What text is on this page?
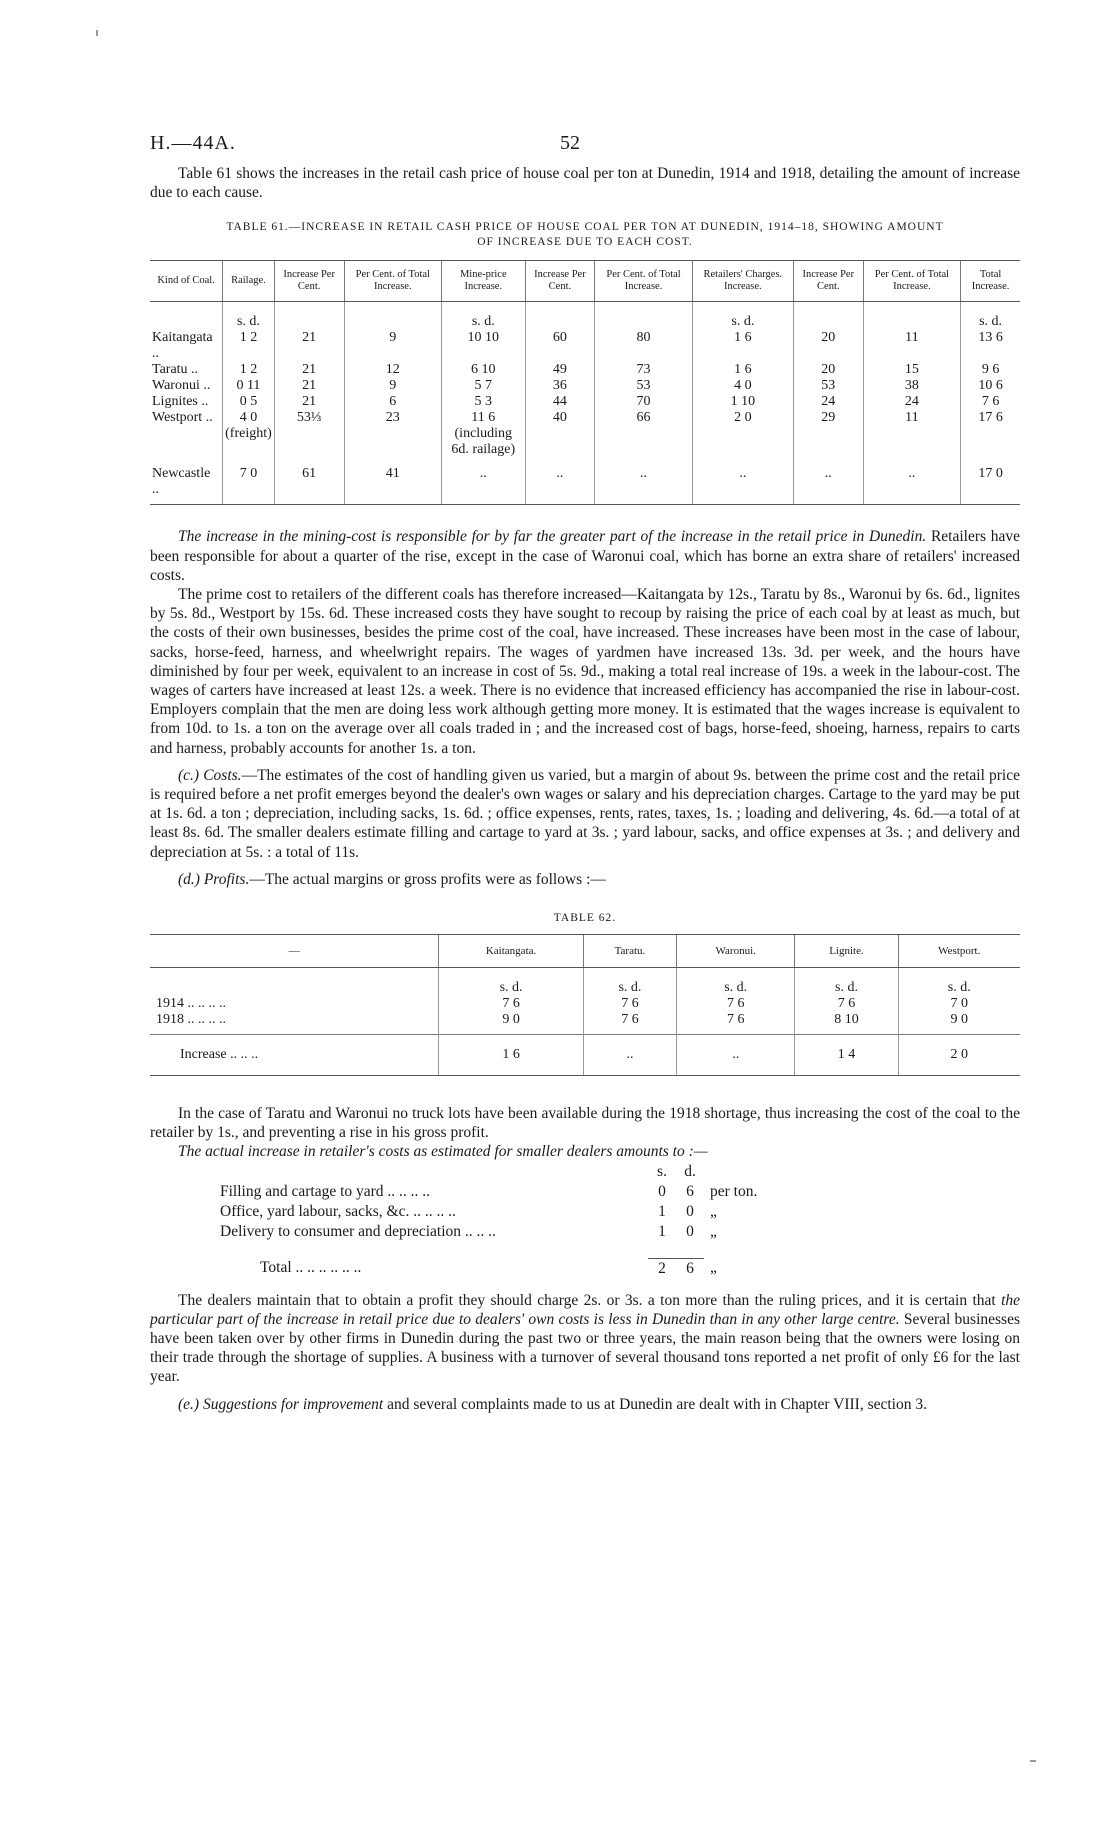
H.—44A.	52

Table 61 shows the increases in the retail cash price of house coal per ton at Dunedin, 1914 and 1918, detailing the amount of increase due to each cause.

TABLE 61.—INCREASE IN RETAIL CASH PRICE OF HOUSE COAL PER TON AT DUNEDIN, 1914–18, SHOWING AMOUNT
OF INCREASE DUE TO EACH COST.
Kind of Coal.	Railage.	Increase Per Cent.	Per Cent. of Total Increase.	Mine-price Increase.	Increase Per Cent.	Per Cent. of Total Increase.	Retailers' Charges. Increase.	Increase Per Cent.	Per Cent. of Total Increase.	Total Increase.
	s. d.			s. d.			s. d.			s. d.
Kaitangata ..	1 2	21	9	10 10	60	80	1 6	20	11	13 6
Taratu ..	1 2	21	12	6 10	49	73	1 6	20	15	9 6
Waronui ..	0 11	21	9	5 7	36	53	4 0	53	38	10 6
Lignites ..	0 5	21	6	5 3	44	70	1 10	24	24	7 6
Westport ..	4 0	53⅓	23	11 6	40	66	2 0	29	11	17 6
	(freight)			(including						
				6d. railage)						
Newcastle ..	7 0	61	41	..	..	..	..	..	..	17 0

The increase in the mining-cost is responsible for by far the greater part of the increase in the retail price in Dunedin. Retailers have been responsible for about a quarter of the rise, except in the case of Waronui coal, which has borne an extra share of retailers' increased costs.

The prime cost to retailers of the different coals has therefore increased—Kaitangata by 12s., Taratu by 8s., Waronui by 6s. 6d., lignites by 5s. 8d., Westport by 15s. 6d. These increased costs they have sought to recoup by raising the price of each coal by at least as much, but the costs of their own businesses, besides the prime cost of the coal, have increased. These increases have been most in the case of labour, sacks, horse-feed, harness, and wheelwright repairs. The wages of yardmen have increased 13s. 3d. per week, and the hours have diminished by four per week, equivalent to an increase in cost of 5s. 9d., making a total real increase of 19s. a week in the labour-cost. The wages of carters have increased at least 12s. a week. There is no evidence that increased efficiency has accompanied the rise in labour-cost. Employers complain that the men are doing less work although getting more money. It is estimated that the wages increase is equivalent to from 10d. to 1s. a ton on the average over all coals traded in ; and the increased cost of bags, horse-feed, shoeing, harness, repairs to carts and harness, probably accounts for another 1s. a ton.

(c.) Costs.—The estimates of the cost of handling given us varied, but a margin of about 9s. between the prime cost and the retail price is required before a net profit emerges beyond the dealer's own wages or salary and his depreciation charges. Cartage to the yard may be put at 1s. 6d. a ton ; depreciation, including sacks, 1s. 6d. ; office expenses, rents, rates, taxes, 1s. ; loading and delivering, 4s. 6d.—a total of at least 8s. 6d. The smaller dealers estimate filling and cartage to yard at 3s. ; yard labour, sacks, and office expenses at 3s. ; and delivery and depreciation at 5s. : a total of 11s.

(d.) Profits.—The actual margins or gross profits were as follows :—

TABLE 62.
—	Kaitangata.	Taratu.	Waronui.	Lignite.	Westport.
	s. d.	s. d.	s. d.	s. d.	s. d.
1914 .. .. .. ..	7 6	7 6	7 6	7 6	7 0
1918 .. .. .. ..	9 0	7 6	7 6	8 10	9 0
Increase .. .. ..	1 6	..	..	1 4	2 0

In the case of Taratu and Waronui no truck lots have been available during the 1918 shortage, thus increasing the cost of the coal to the retailer by 1s., and preventing a rise in his gross profit.

The actual increase in retailer's costs as estimated for smaller dealers amounts to :—

s.	d.
Filling and cartage to yard .. .. .. ..	0	6	per ton.
Office, yard labour, sacks, &c. .. .. .. ..	1	0	„
Delivery to consumer and depreciation .. .. ..	1	0	„
Total .. .. .. .. .. ..	2	6	„

The dealers maintain that to obtain a profit they should charge 2s. or 3s. a ton more than the ruling prices, and it is certain that the particular part of the increase in retail price due to dealers' own costs is less in Dunedin than in any other large centre. Several businesses have been taken over by other firms in Dunedin during the past two or three years, the main reason being that the owners were losing on their trade through the shortage of supplies. A business with a turnover of several thousand tons reported a net profit of only £6 for the last year.

(e.) Suggestions for improvement and several complaints made to us at Dunedin are dealt with in Chapter VIII, section 3.
